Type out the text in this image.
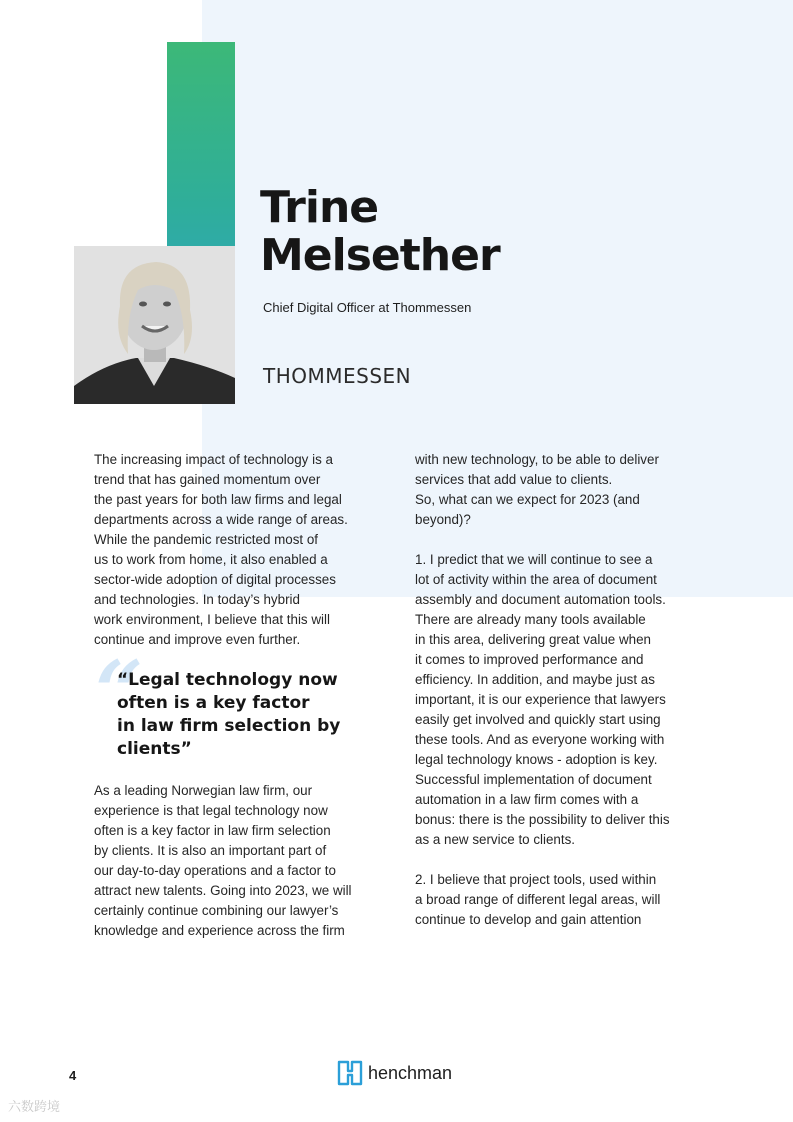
Trine
Melsether
Chief Digital Officer at Thommessen
THOMMESSEN

The increasing impact of technology is a

trend that has gained momentum over

the past years for both law firms and legal

departments across a wide range of areas.

While the pandemic restricted most of

us to work from home, it also enabled a

sector-wide adoption of digital processes

and technologies. In today’s hybrid

work environment, I believe that this will

continue and improve even further.

“
“Legal technology now
often is a key factor
in law firm selection by
clients”

As a leading Norwegian law firm, our

experience is that legal technology now

often is a key factor in law firm selection

by clients. It is also an important part of

our day-to-day operations and a factor to

attract new talents. Going into 2023, we will

certainly continue combining our lawyer’s

knowledge and experience across the firm

with new technology, to be able to deliver

services that add value to clients.

So, what can we expect for 2023 (and

beyond)?

1. I predict that we will continue to see a

lot of activity within the area of document

assembly and document automation tools.

There are already many tools available

in this area, delivering great value when

it comes to improved performance and

efficiency. In addition, and maybe just as

important, it is our experience that lawyers

easily get involved and quickly start using

these tools. And as everyone working with

legal technology knows - adoption is key.

Successful implementation of document

automation in a law firm comes with a

bonus: there is the possibility to deliver this

as a new service to clients.

2. I believe that project tools, used within

a broad range of different legal areas, will

continue to develop and gain attention

4	henchman
六数跨境
